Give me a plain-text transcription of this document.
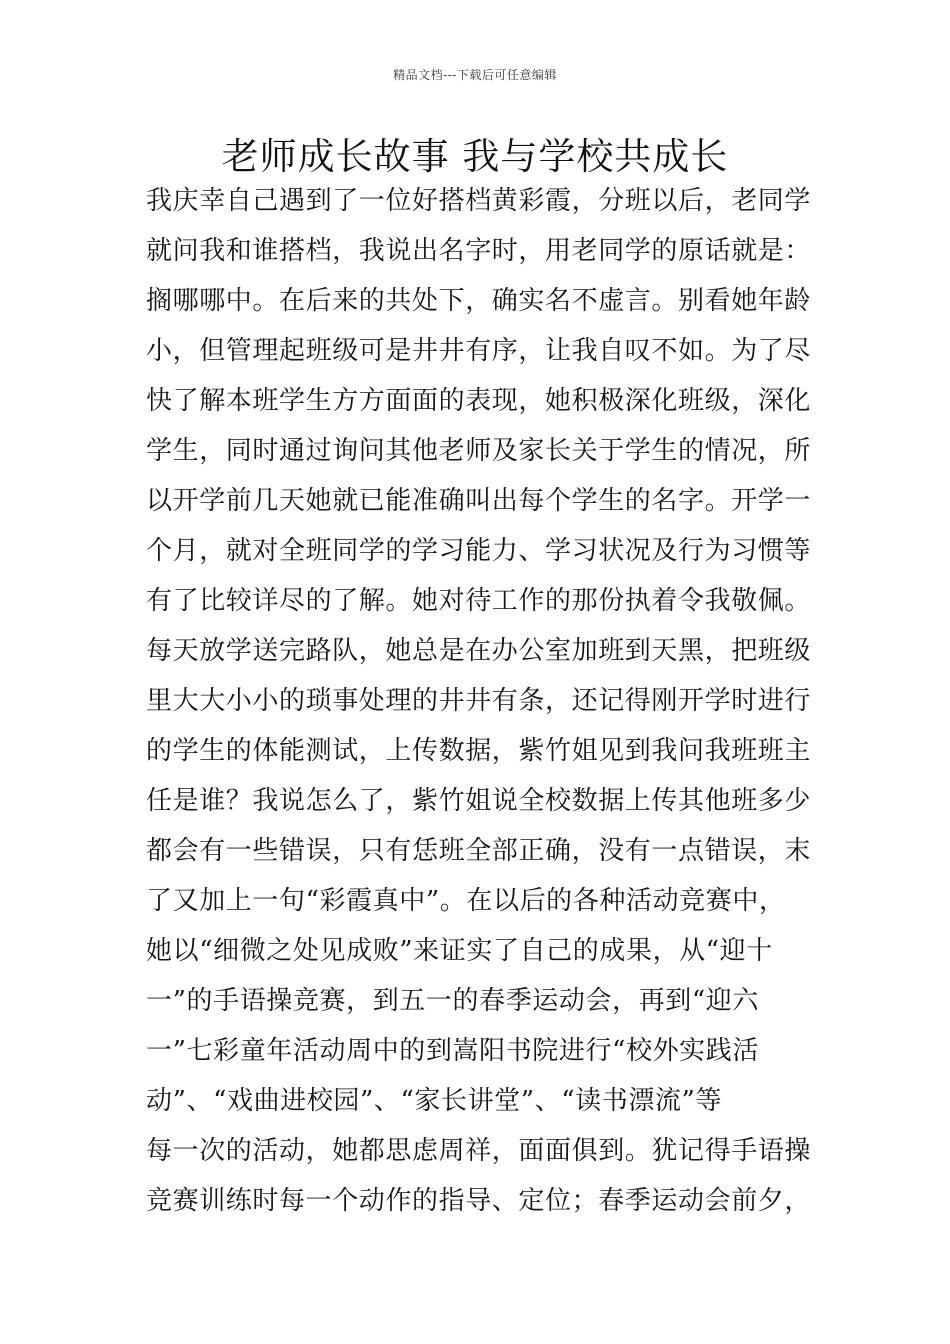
精品文档---下载后可任意编辑
老师成长故事 我与学校共成长
我庆幸自己遇到了一位好搭档黄彩霞，分班以后，老同学
就问我和谁搭档，我说出名字时，用老同学的原话就是：
搁哪哪中。在后来的共处下，确实名不虚言。别看她年龄
小，但管理起班级可是井井有序，让我自叹不如。为了尽
快了解本班学生方方面面的表现，她积极深化班级，深化
学生，同时通过询问其他老师及家长关于学生的情况，所
以开学前几天她就已能准确叫出每个学生的名字。开学一
个月，就对全班同学的学习能力、学习状况及行为习惯等
有了比较详尽的了解。她对待工作的那份执着令我敬佩。
每天放学送完路队，她总是在办公室加班到天黑，把班级
里大大小小的琐事处理的井井有条，还记得刚开学时进行
的学生的体能测试，上传数据，紫竹姐见到我问我班班主
任是谁？我说怎么了，紫竹姐说全校数据上传其他班多少
都会有一些错误，只有恁班全部正确，没有一点错误，末
了又加上一句“彩霞真中”。在以后的各种活动竞赛中，
她以“细微之处见成败”来证实了自己的成果，从“迎十
一”的手语操竞赛，到五一的春季运动会，再到“迎六
一”七彩童年活动周中的到嵩阳书院进行“校外实践活
动”、“戏曲进校园”、“家长讲堂”、“读书漂流”等
每一次的活动，她都思虑周祥，面面俱到。犹记得手语操
竞赛训练时每一个动作的指导、定位；春季运动会前夕，
